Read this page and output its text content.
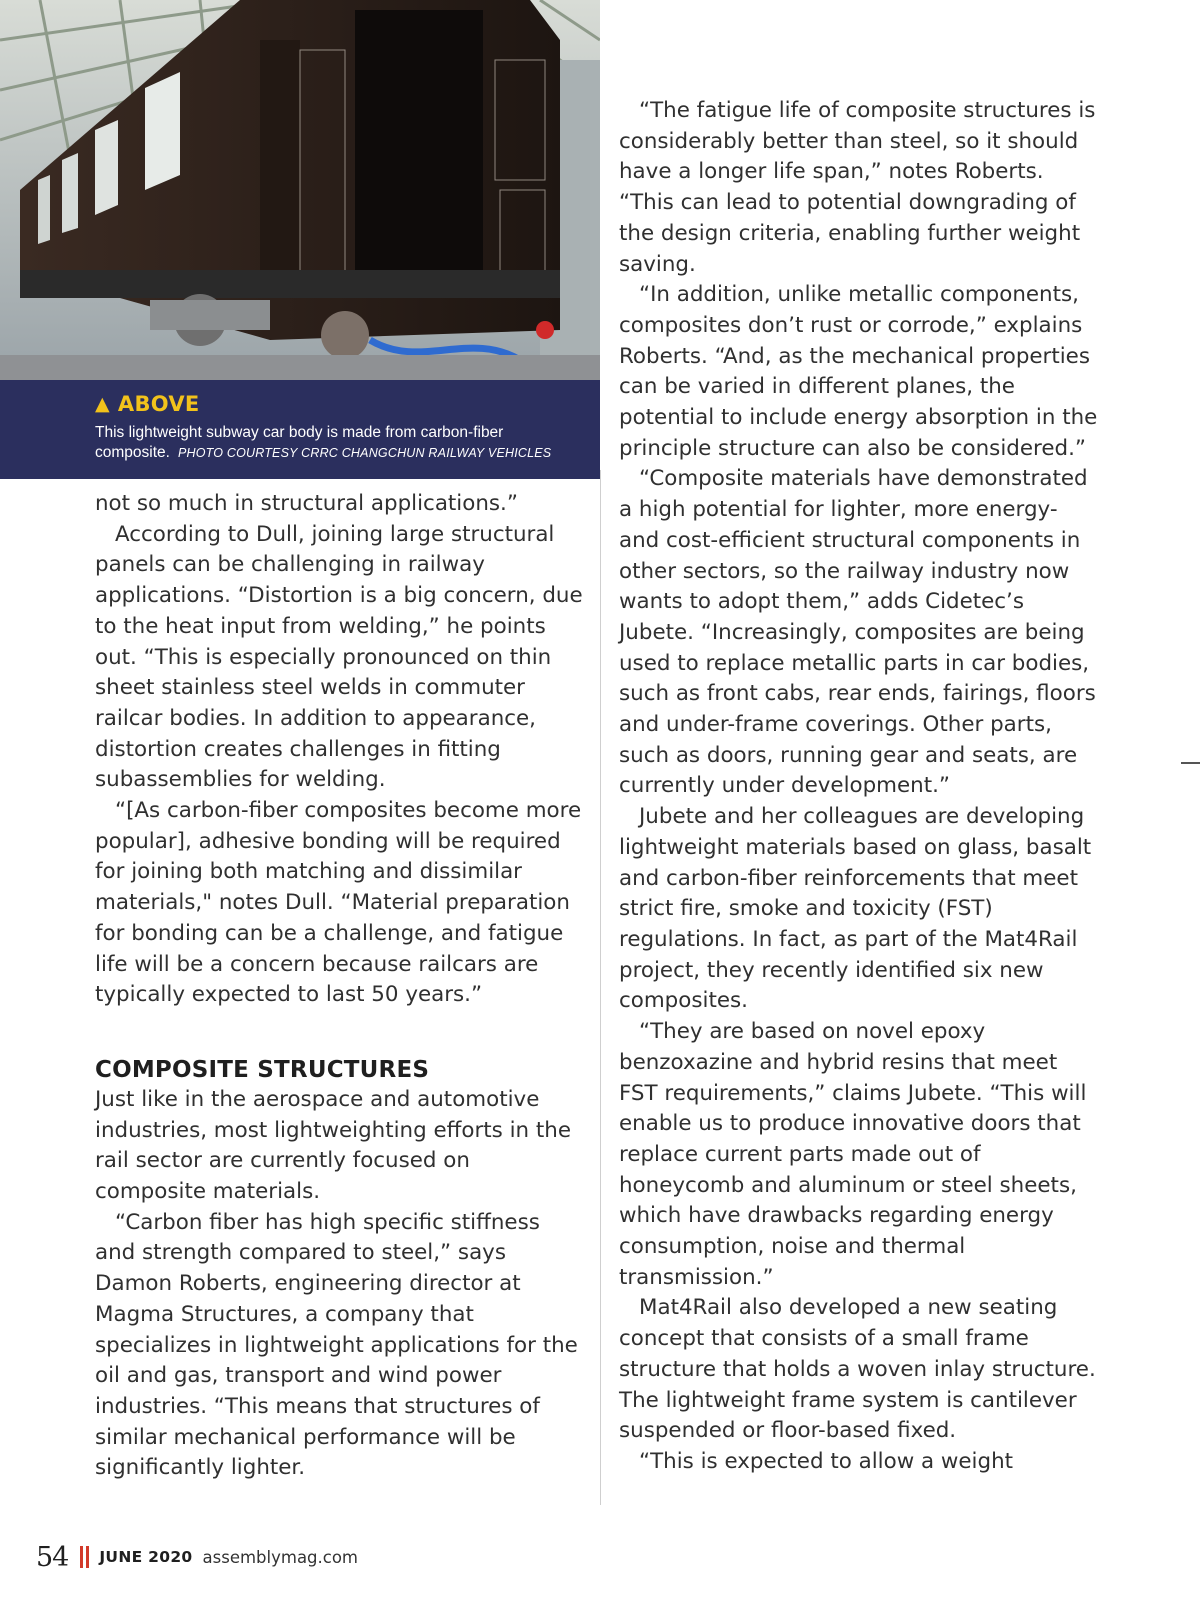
▲ ABOVE
This lightweight subway car body is made from carbon-fiber composite. PHOTO COURTESY CRRC CHANGCHUN RAILWAY VEHICLES

not so much in structural applications.”

According to Dull, joining large structural panels can be challenging in railway applications. “Distortion is a big concern, due to the heat input from welding,” he points out. “This is especially pronounced on thin sheet stainless steel welds in commuter railcar bodies. In addition to appearance, distortion creates challenges in fitting subassemblies for welding.

“[As carbon-fiber composites become more popular], adhesive bonding will be required for joining both matching and dissimilar materials," notes Dull. “Material preparation for bonding can be a challenge, and fatigue life will be a concern because railcars are typically expected to last 50 years.”

COMPOSITE STRUCTURES

Just like in the aerospace and automotive industries, most lightweighting efforts in the rail sector are currently focused on composite materials.

“Carbon fiber has high specific stiffness and strength compared to steel,” says Damon Roberts, engineering director at Magma Structures, a company that specializes in lightweight applications for the oil and gas, transport and wind power industries. “This means that structures of similar mechanical performance will be significantly lighter.

“The fatigue life of composite structures is considerably better than steel, so it should have a longer life span,” notes Roberts. “This can lead to potential downgrading of the design criteria, enabling further weight saving.

“In addition, unlike metallic components, composites don’t rust or corrode,” explains Roberts. “And, as the mechanical properties can be varied in different planes, the potential to include energy absorption in the principle structure can also be considered.”

“Composite materials have demonstrated a high potential for lighter, more energy- and cost-efficient structural components in other sectors, so the railway industry now wants to adopt them,” adds Cidetec’s Jubete. “Increasingly, composites are being used to replace metallic parts in car bodies, such as front cabs, rear ends, fairings, floors and under-frame coverings. Other parts, such as doors, running gear and seats, are currently under development.”

Jubete and her colleagues are developing lightweight materials based on glass, basalt and carbon-fiber reinforcements that meet strict fire, smoke and toxicity (FST) regulations. In fact, as part of the Mat4Rail project, they recently identified six new composites.

“They are based on novel epoxy benzoxazine and hybrid resins that meet FST requirements,” claims Jubete. “This will enable us to produce innovative doors that replace current parts made out of honeycomb and aluminum or steel sheets, which have drawbacks regarding energy consumption, noise and thermal transmission.”

Mat4Rail also developed a new seating concept that consists of a small frame structure that holds a woven inlay structure. The lightweight frame system is cantilever suspended or floor-based fixed.

“This is expected to allow a weight

54 JUNE 2020 assemblymag.com
